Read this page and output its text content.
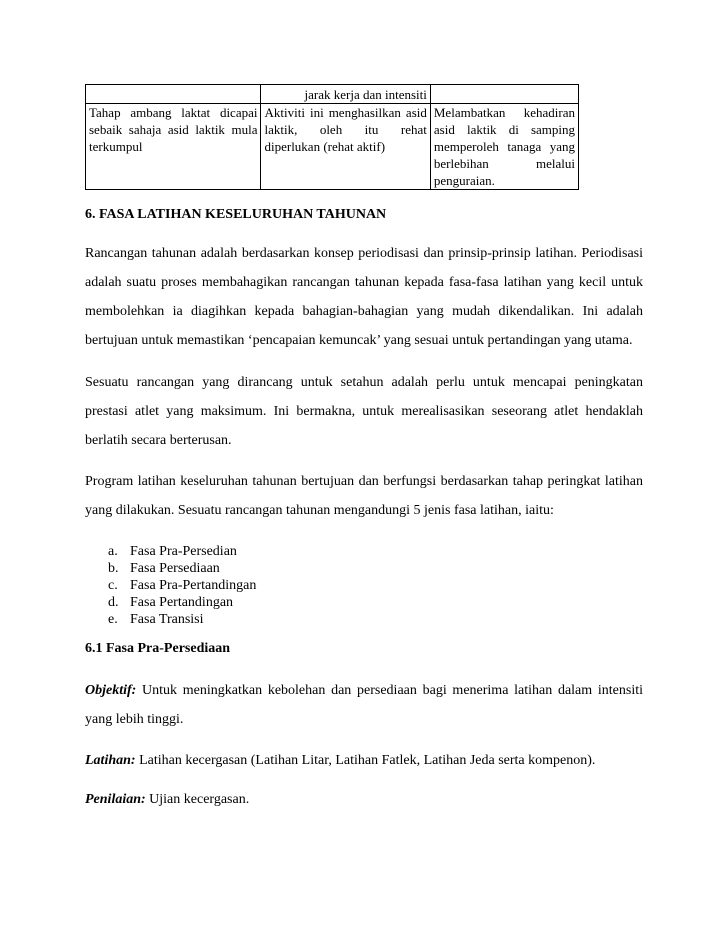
	jarak kerja dan intensiti	
Tahap ambang laktat dicapai sebaik sahaja asid laktik mula terkumpul	Aktiviti ini menghasilkan asid laktik, oleh itu rehat diperlukan (rehat aktif)	Melambatkan kehadiran asid laktik di samping memperoleh tanaga yang berlebihan melalui penguraian.
6. FASA LATIHAN KESELURUHAN TAHUNAN
Rancangan tahunan adalah berdasarkan konsep periodisasi dan prinsip-prinsip latihan. Periodisasi adalah suatu proses membahagikan rancangan tahunan kepada fasa-fasa latihan yang kecil untuk membolehkan ia diagihkan kepada bahagian-bahagian yang mudah dikendalikan. Ini adalah bertujuan untuk memastikan ‘pencapaian kemuncak’ yang sesuai untuk pertandingan yang utama.
Sesuatu rancangan yang dirancang untuk setahun adalah perlu untuk mencapai peningkatan prestasi atlet yang maksimum. Ini bermakna, untuk merealisasikan seseorang atlet hendaklah berlatih secara berterusan.
Program latihan keseluruhan tahunan bertujuan dan berfungsi berdasarkan tahap peringkat latihan yang dilakukan. Sesuatu rancangan tahunan mengandungi 5 jenis fasa latihan, iaitu:
a. Fasa Pra-Persedian
b. Fasa Persediaan
c. Fasa Pra-Pertandingan
d. Fasa Pertandingan
e. Fasa Transisi
6.1 Fasa Pra-Persediaan
Objektif: Untuk meningkatkan kebolehan dan persediaan bagi menerima latihan dalam intensiti yang lebih tinggi.
Latihan: Latihan kecergasan (Latihan Litar, Latihan Fatlek, Latihan Jeda serta kompenon).
Penilaian: Ujian kecergasan.
